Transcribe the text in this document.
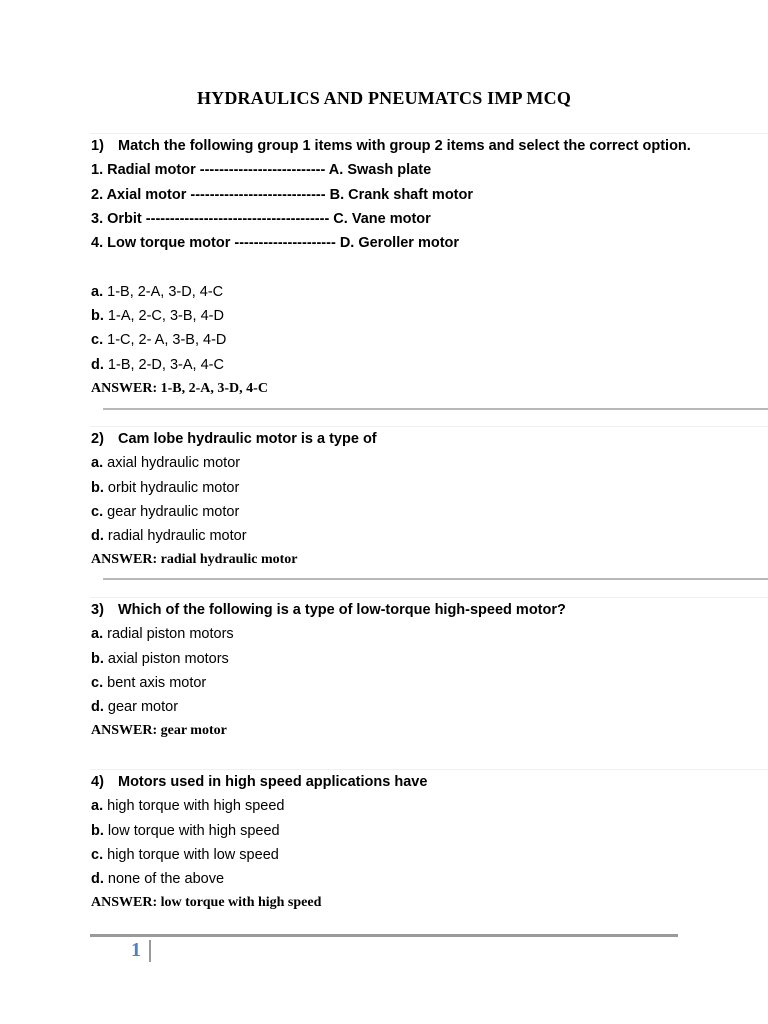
HYDRAULICS AND PNEUMATCS IMP MCQ
1) Match the following group 1 items with group 2 items and select the correct option.
1. Radial motor -------------------------- A. Swash plate
2. Axial motor ---------------------------- B. Crank shaft motor
3. Orbit -------------------------------------- C. Vane motor
4. Low torque motor --------------------- D. Geroller motor
a. 1-B, 2-A, 3-D, 4-C
b. 1-A, 2-C, 3-B, 4-D
c. 1-C, 2- A, 3-B, 4-D
d. 1-B, 2-D, 3-A, 4-C
ANSWER: 1-B, 2-A, 3-D, 4-C
2) Cam lobe hydraulic motor is a type of
a. axial hydraulic motor
b. orbit hydraulic motor
c. gear hydraulic motor
d. radial hydraulic motor
ANSWER: radial hydraulic motor
3) Which of the following is a type of low-torque high-speed motor?
a. radial piston motors
b. axial piston motors
c. bent axis motor
d. gear motor
ANSWER: gear motor
4) Motors used in high speed applications have
a. high torque with high speed
b. low torque with high speed
c. high torque with low speed
d. none of the above
ANSWER: low torque with high speed
1
